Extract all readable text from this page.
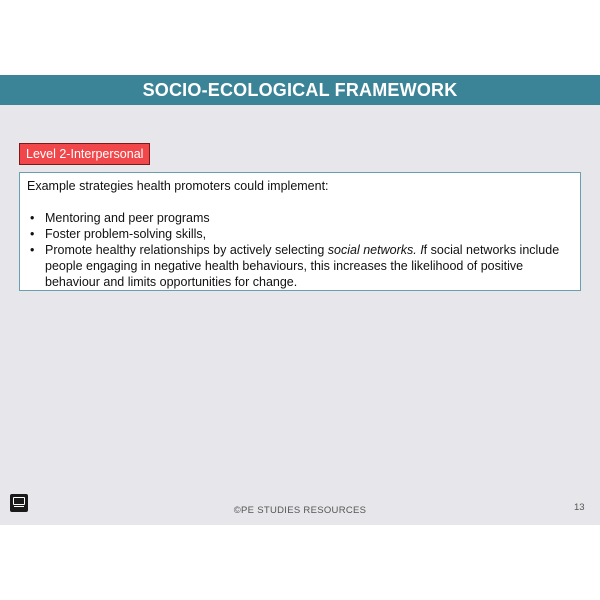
SOCIO-ECOLOGICAL FRAMEWORK
Level 2-Interpersonal

Example strategies health promoters could implement:

• Mentoring and peer programs
• Foster problem-solving skills,
• Promote healthy relationships by actively selecting social networks. If social networks include people engaging in negative health behaviours, this increases the likelihood of positive behaviour and limits opportunities for change.
©PE STUDIES RESOURCES	13
